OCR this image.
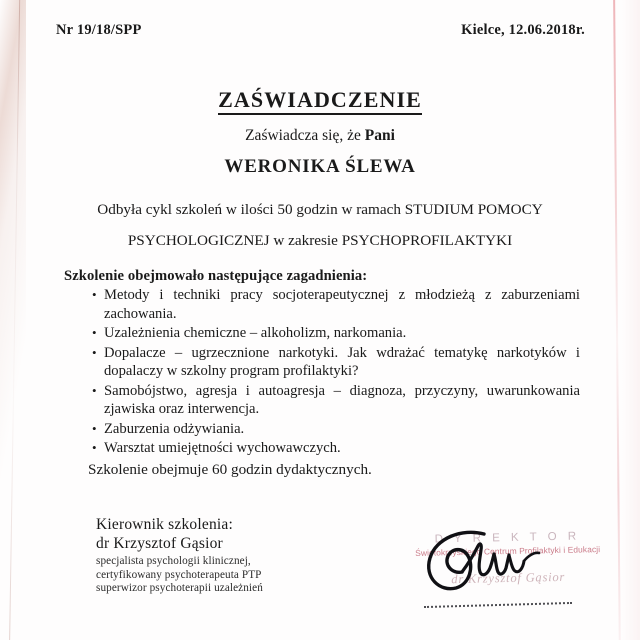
Nr 19/18/SPP	Kielce, 12.06.2018r.
ZAŚWIADCZENIE
Zaświadcza się, że Pani
WERONIKA ŚLEWA
Odbyła cykl szkoleń w ilości 50 godzin w ramach STUDIUM POMOCY
PSYCHOLOGICZNEJ w zakresie PSYCHOPROFILAKTYKI
Szkolenie obejmowało następujące zagadnienia:
• Metody i techniki pracy socjoterapeutycznej z młodzieżą z zaburzeniami zachowania.
• Uzależnienia chemiczne – alkoholizm, narkomania.
• Dopalacze – ugrzecznione narkotyki. Jak wdrażać tematykę narkotyków i dopalaczy w szkolny program profilaktyki?
• Samobójstwo, agresja i autoagresja – diagnoza, przyczyny, uwarunkowania zjawiska oraz interwencja.
• Zaburzenia odżywiania.
• Warsztat umiejętności wychowawczych.
Szkolenie obejmuje 60 godzin dydaktycznych.
Kierownik szkolenia:
dr Krzysztof Gąsior
specjalista psychologii klinicznej,
certyfikowany psychoterapeuta PTP
superwizor psychoterapii uzależnień
D Y R E K T O R
Świętokrzyskiego Centrum Profilaktyki i Edukacji
dr Krzysztof Gąsior
